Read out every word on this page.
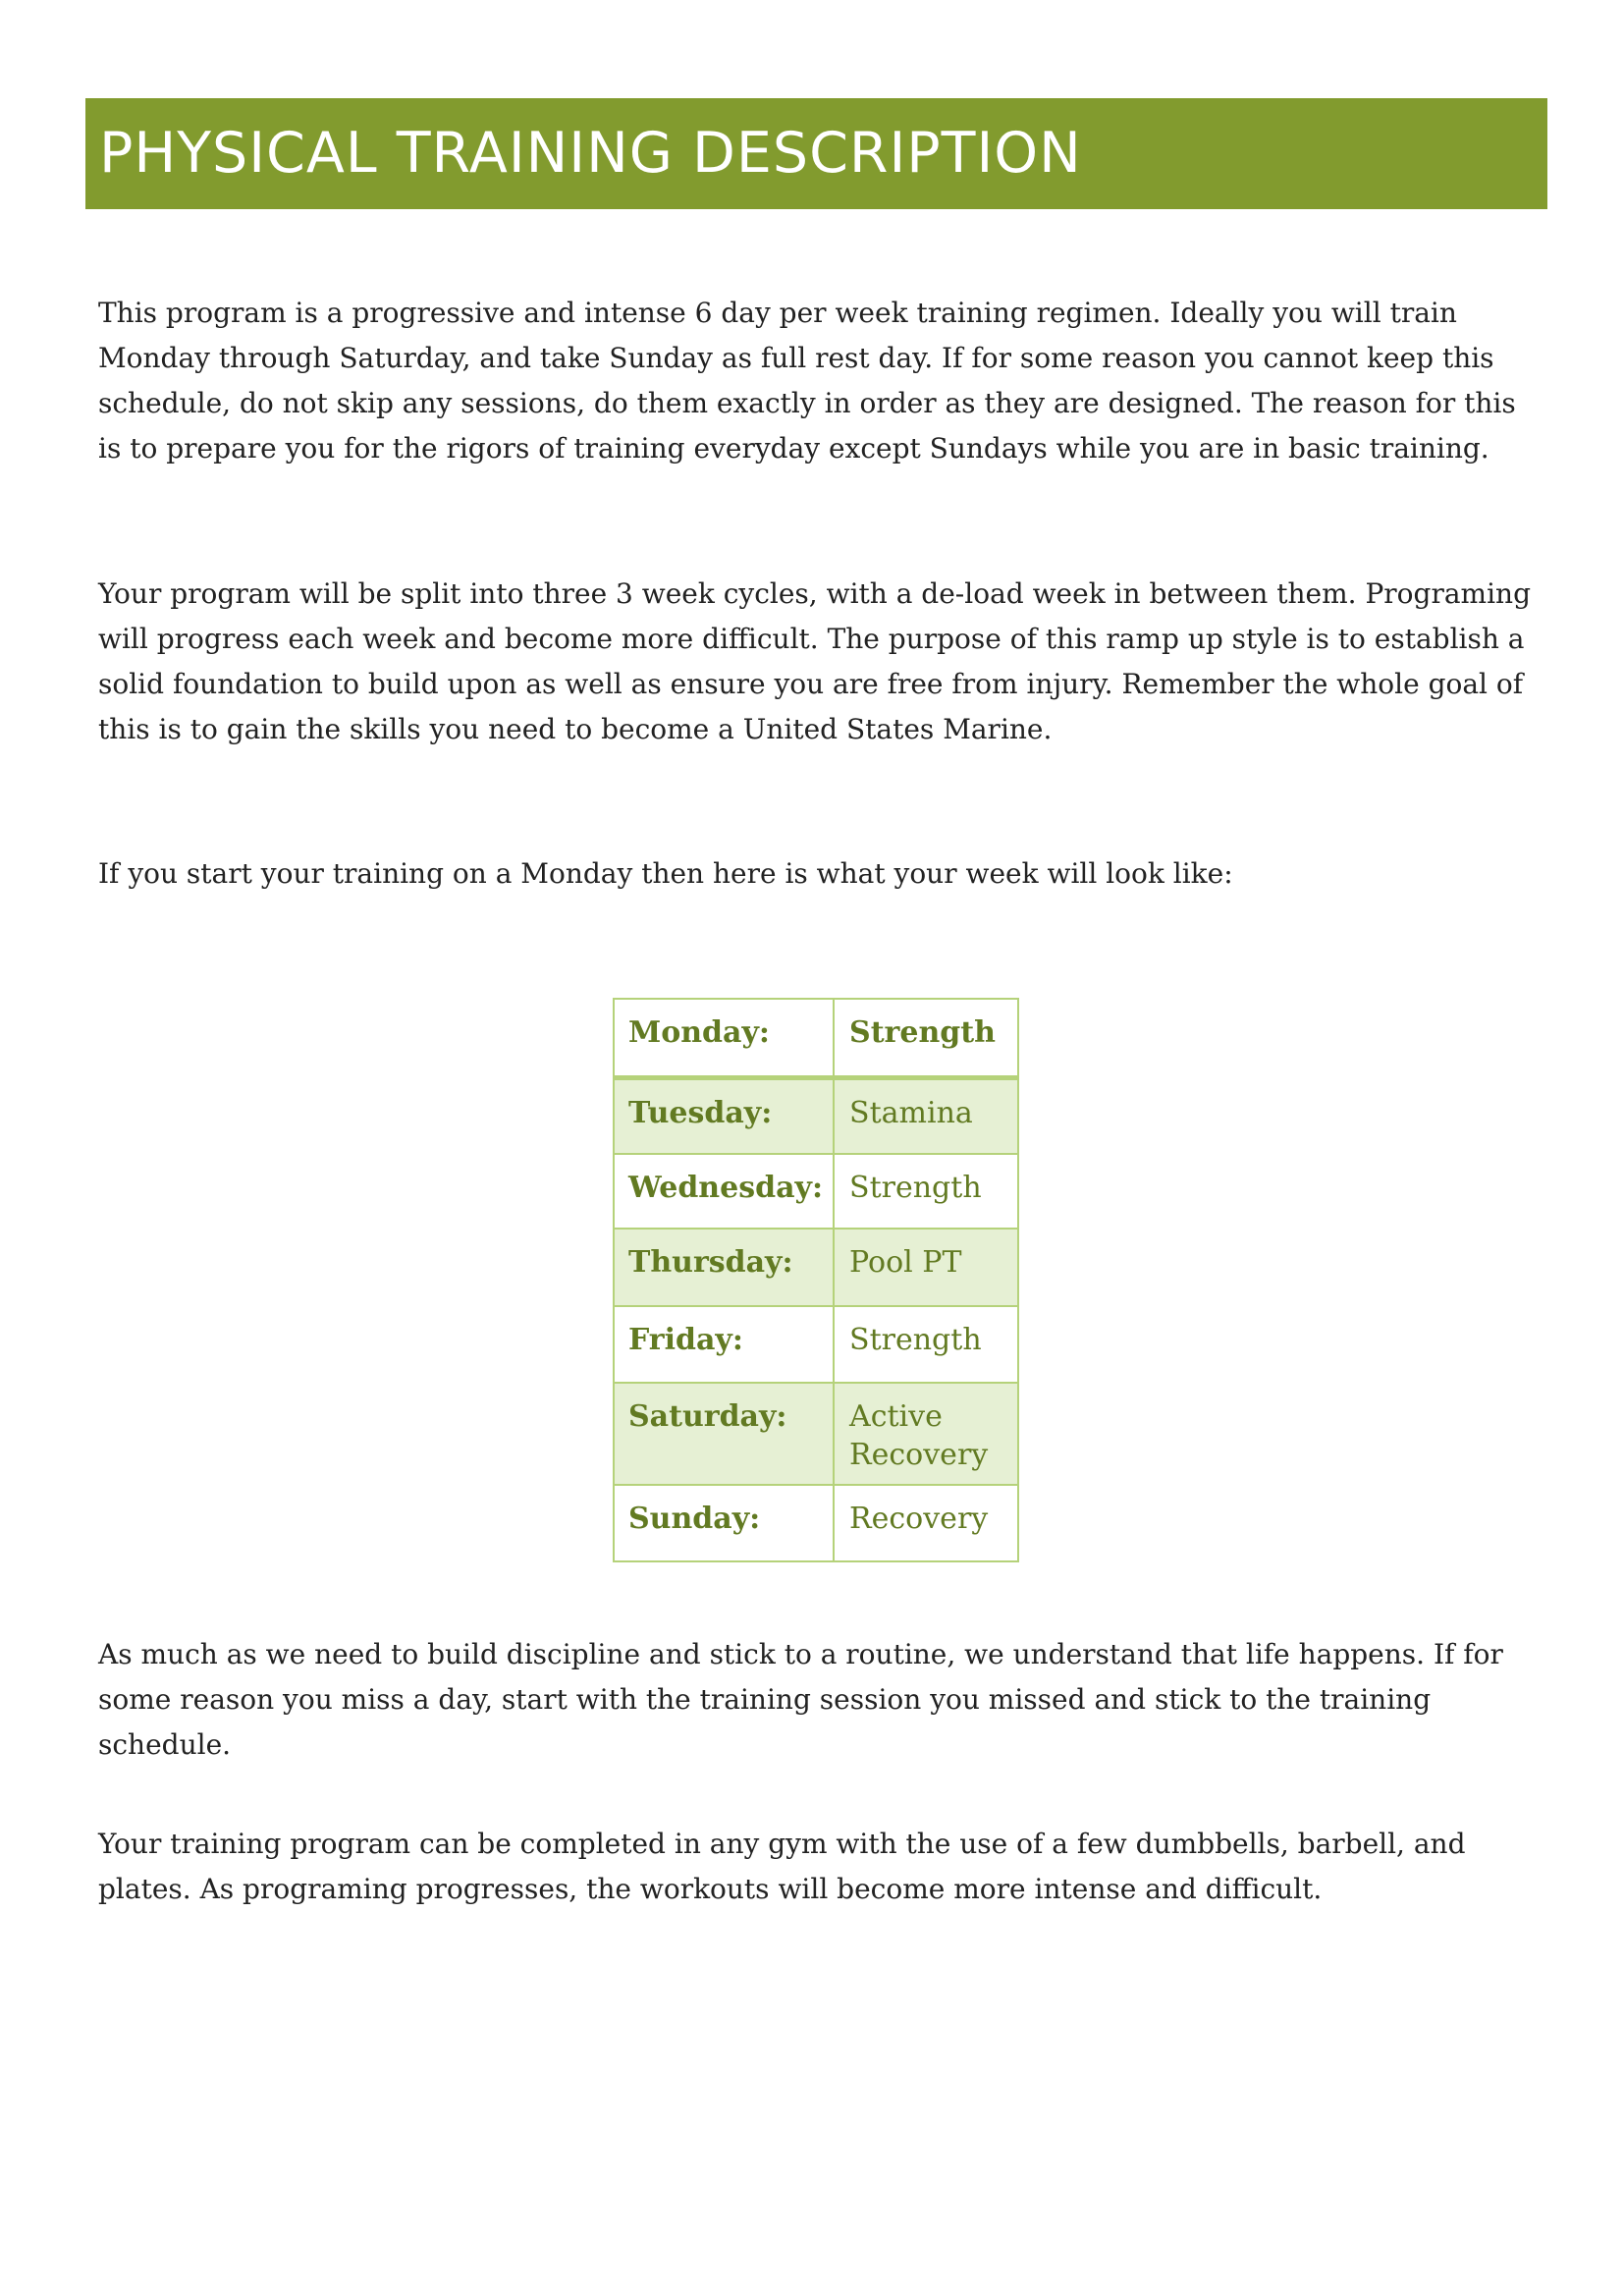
PHYSICAL TRAINING DESCRIPTION

This program is a progressive and intense 6 day per week training regimen. Ideally you will train Monday through Saturday, and take Sunday as full rest day. If for some reason you cannot keep this schedule, do not skip any sessions, do them exactly in order as they are designed. The reason for this is to prepare you for the rigors of training everyday except Sundays while you are in basic training.

Your program will be split into three 3 week cycles, with a de-load week in between them. Programing will progress each week and become more difficult. The purpose of this ramp up style is to establish a solid foundation to build upon as well as ensure you are free from injury. Remember the whole goal of this is to gain the skills you need to become a United States Marine.

If you start your training on a Monday then here is what your week will look like:

Monday:	Strength
Tuesday:	Stamina
Wednesday:	Strength
Thursday:	Pool PT
Friday:	Strength
Saturday:	Active Recovery
Sunday:	Recovery

As much as we need to build discipline and stick to a routine, we understand that life happens. If for some reason you miss a day, start with the training session you missed and stick to the training schedule.

Your training program can be completed in any gym with the use of a few dumbbells, barbell, and plates. As programing progresses, the workouts will become more intense and difficult.
